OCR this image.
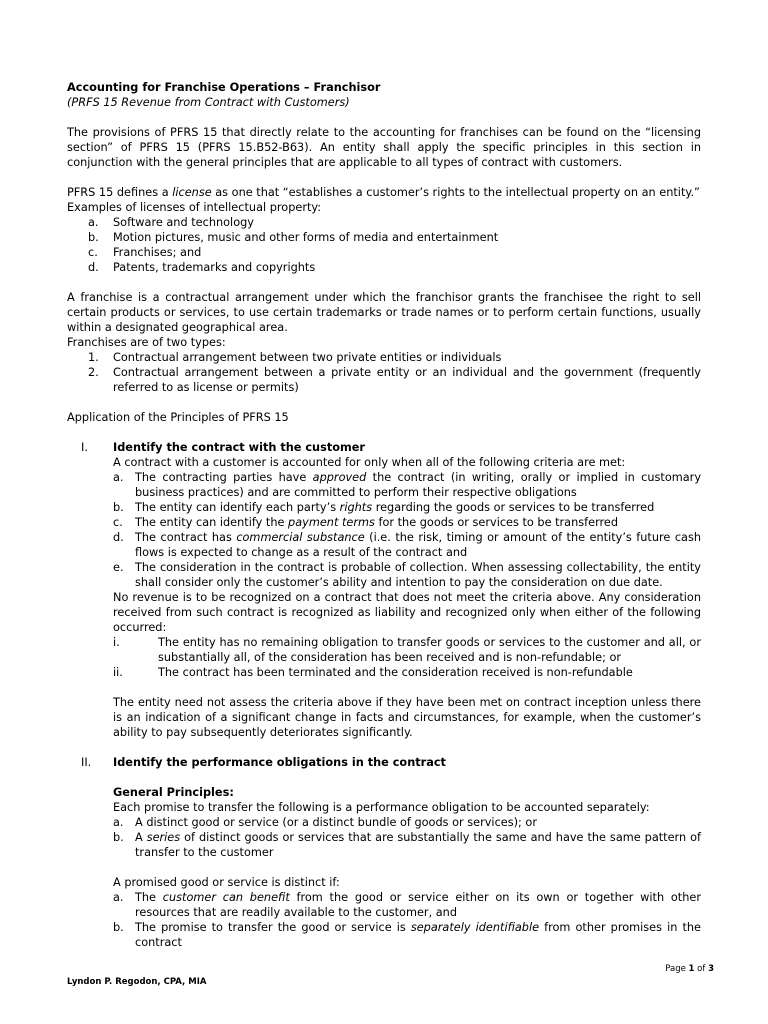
Accounting for Franchise Operations – Franchisor

(PRFS 15 Revenue from Contract with Customers)

The provisions of PFRS 15 that directly relate to the accounting for franchises can be found on the “licensing section” of PFRS 15 (PFRS 15.B52-B63). An entity shall apply the specific principles in this section in conjunction with the general principles that are applicable to all types of contract with customers.

PFRS 15 defines a license as one that “establishes a customer’s rights to the intellectual property on an entity.”

Examples of licenses of intellectual property:

a. Software and technology
b. Motion pictures, music and other forms of media and entertainment
c. Franchises; and
d. Patents, trademarks and copyrights

A franchise is a contractual arrangement under which the franchisor grants the franchisee the right to sell certain products or services, to use certain trademarks or trade names or to perform certain functions, usually within a designated geographical area.

Franchises are of two types:

1. Contractual arrangement between two private entities or individuals
2. Contractual arrangement between a private entity or an individual and the government (frequently referred to as license or permits)

Application of the Principles of PFRS 15

I. Identify the contract with the customer

A contract with a customer is accounted for only when all of the following criteria are met:

a. The contracting parties have approved the contract (in writing, orally or implied in customary business practices) and are committed to perform their respective obligations
b. The entity can identify each party’s rights regarding the goods or services to be transferred
c. The entity can identify the payment terms for the goods or services to be transferred
d. The contract has commercial substance (i.e. the risk, timing or amount of the entity’s future cash flows is expected to change as a result of the contract and
e. The consideration in the contract is probable of collection. When assessing collectability, the entity shall consider only the customer’s ability and intention to pay the consideration on due date.

No revenue is to be recognized on a contract that does not meet the criteria above. Any consideration received from such contract is recognized as liability and recognized only when either of the following occurred:

i.	The entity has no remaining obligation to transfer goods or services to the customer and all, or substantially all, of the consideration has been received and is non-refundable; or
ii.	The contract has been terminated and the consideration received is non-refundable

The entity need not assess the criteria above if they have been met on contract inception unless there is an indication of a significant change in facts and circumstances, for example, when the customer’s ability to pay subsequently deteriorates significantly.

II. Identify the performance obligations in the contract

General Principles:

Each promise to transfer the following is a performance obligation to be accounted separately:

a. A distinct good or service (or a distinct bundle of goods or services); or
b. A series of distinct goods or services that are substantially the same and have the same pattern of transfer to the customer

A promised good or service is distinct if:

a. The customer can benefit from the good or service either on its own or together with other resources that are readily available to the customer, and
b. The promise to transfer the good or service is separately identifiable from other promises in the contract
Page 1 of 3
Lyndon P. Regodon, CPA, MIA
